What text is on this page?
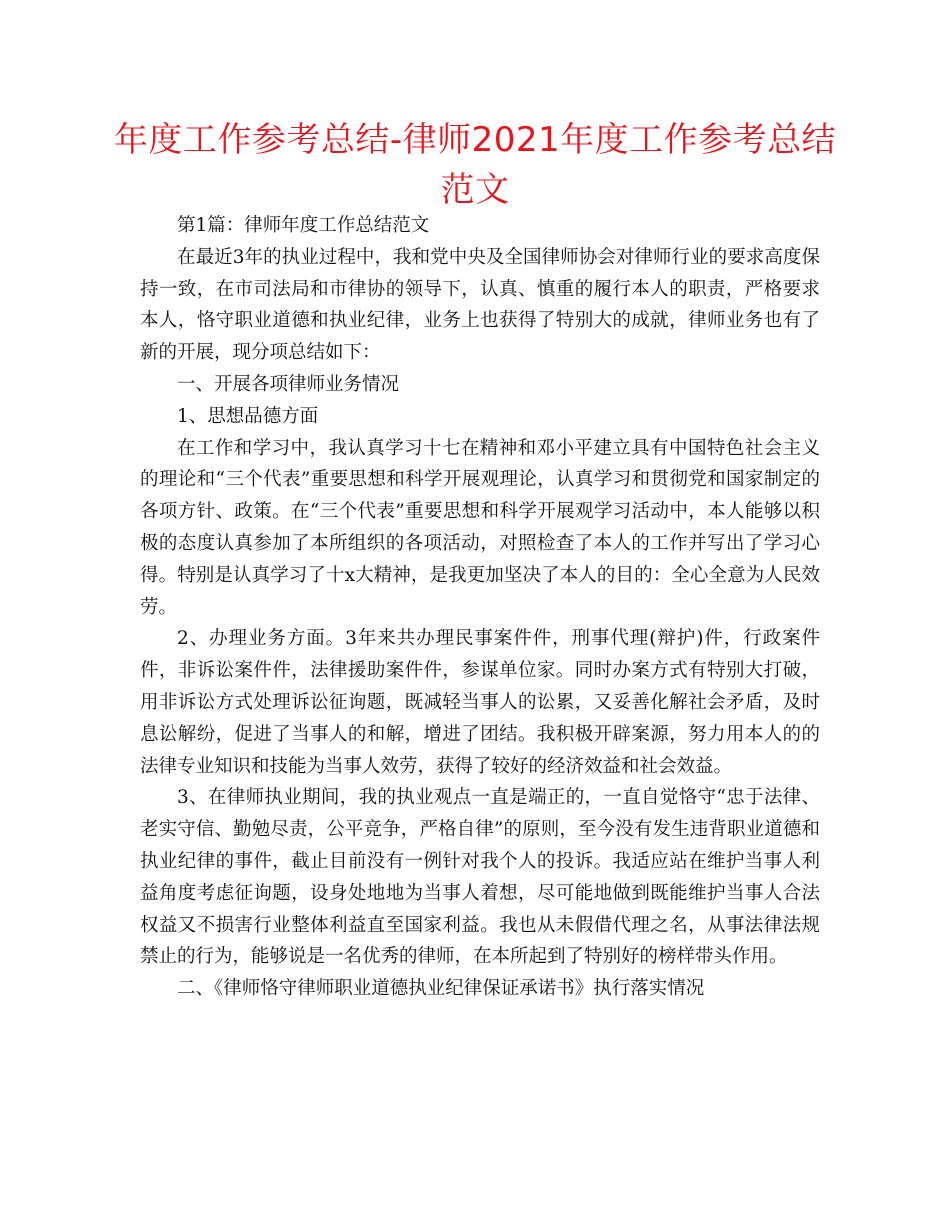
年度工作参考总结-律师2021年度工作参考总结
范文

第1篇：律师年度工作总结范文

在最近3年的执业过程中，我和党中央及全国律师协会对律师行业的要求高度保持一致，在市司法局和市律协的领导下，认真、慎重的履行本人的职责，严格要求本人，恪守职业道德和执业纪律，业务上也获得了特别大的成就，律师业务也有了新的开展，现分项总结如下：

一、开展各项律师业务情况

1、思想品德方面

在工作和学习中，我认真学习十七在精神和邓小平建立具有中国特色社会主义的理论和“三个代表”重要思想和科学开展观理论，认真学习和贯彻党和国家制定的各项方针、政策。在“三个代表”重要思想和科学开展观学习活动中，本人能够以积极的态度认真参加了本所组织的各项活动，对照检查了本人的工作并写出了学习心得。特别是认真学习了十x大精神，是我更加坚决了本人的目的：全心全意为人民效劳。

2、办理业务方面。3年来共办理民事案件件，刑事代理(辩护)件，行政案件件，非诉讼案件件，法律援助案件件，参谋单位家。同时办案方式有特别大打破，用非诉讼方式处理诉讼征询题，既减轻当事人的讼累，又妥善化解社会矛盾，及时息讼解纷，促进了当事人的和解，增进了团结。我积极开辟案源，努力用本人的的法律专业知识和技能为当事人效劳，获得了较好的经济效益和社会效益。

3、在律师执业期间，我的执业观点一直是端正的，一直自觉恪守“忠于法律、老实守信、勤勉尽责，公平竞争，严格自律”的原则，至今没有发生违背职业道德和执业纪律的事件，截止目前没有一例针对我个人的投诉。我适应站在维护当事人利益角度考虑征询题，设身处地地为当事人着想，尽可能地做到既能维护当事人合法权益又不损害行业整体利益直至国家利益。我也从未假借代理之名，从事法律法规禁止的行为，能够说是一名优秀的律师，在本所起到了特别好的榜样带头作用。

二、《律师恪守律师职业道德执业纪律保证承诺书》执行落实情况
